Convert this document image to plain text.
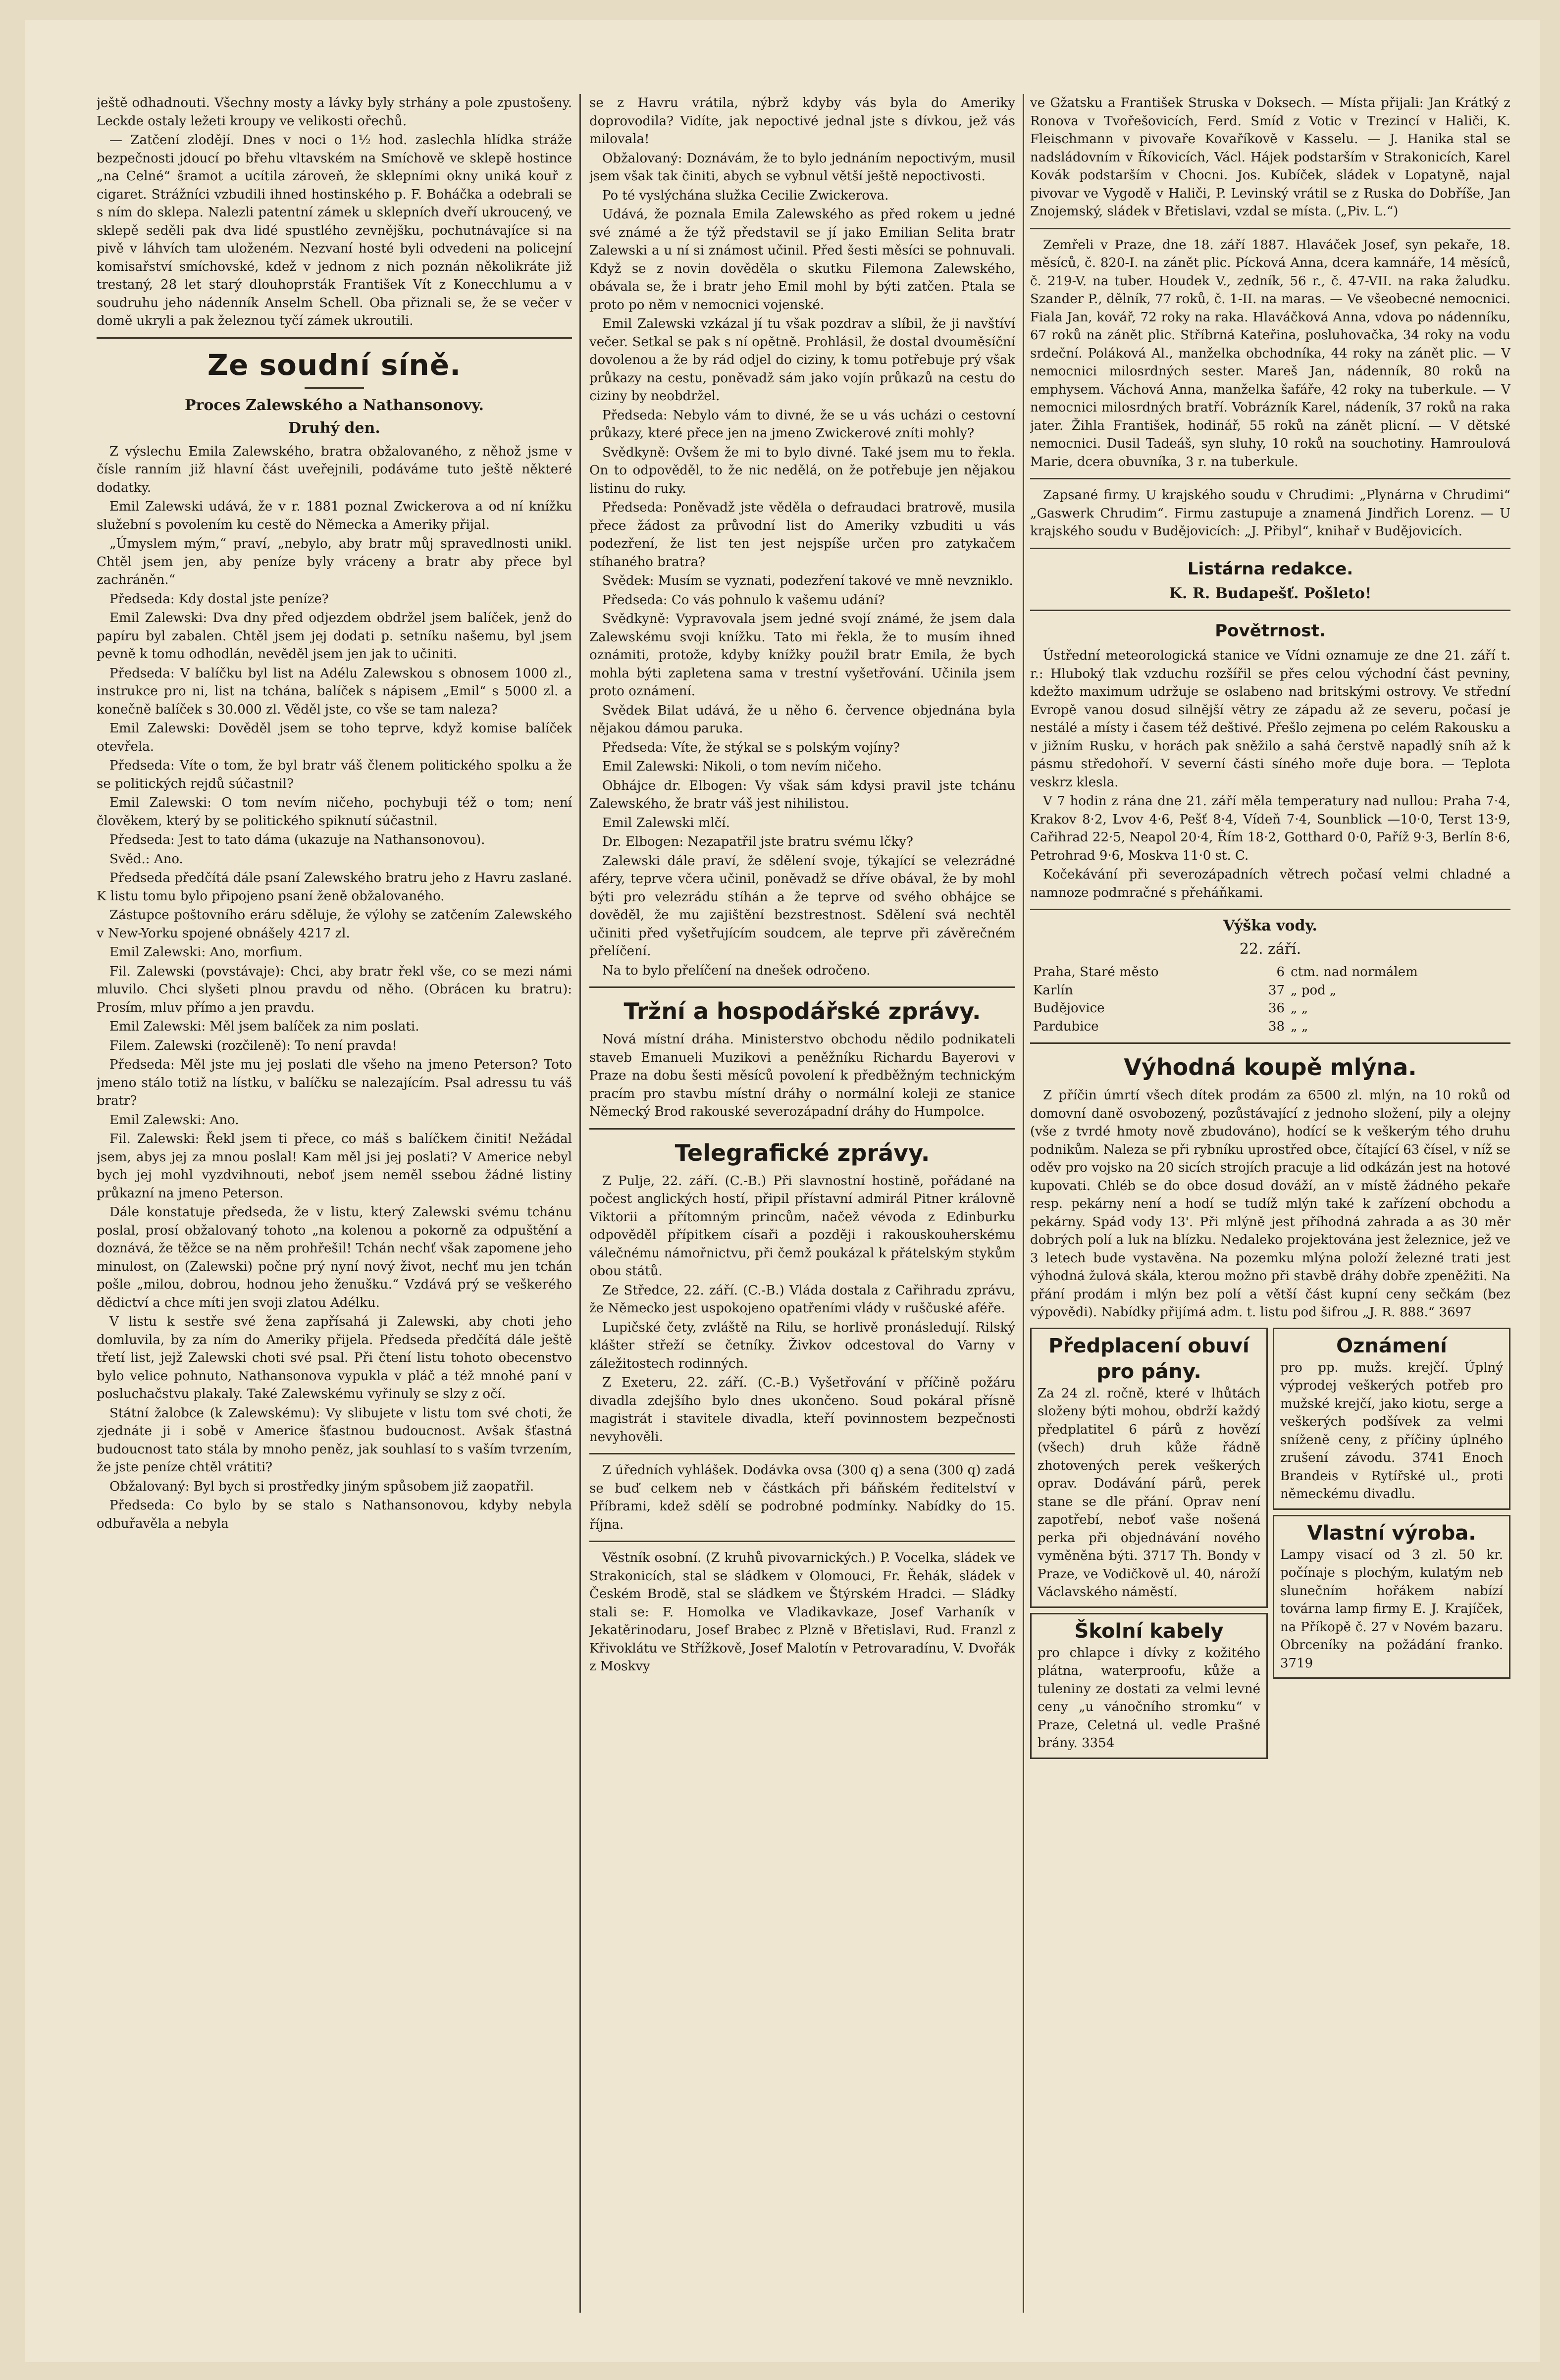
ještě odhadnouti. Všechny mosty a lávky byly strhány a pole zpustošeny. Leckde ostaly ležeti kroupy ve velikosti ořechů.

— Zatčení zlodějí. Dnes v noci o 1½ hod. zaslechla hlídka stráže bezpečnosti jdoucí po břehu vltavském na Smíchově ve sklepě hostince „na Celné“ šramot a ucítila zároveň, že sklepními okny uniká kouř z cigaret. Strážníci vzbudili ihned hostinského p. F. Boháčka a odebrali se s ním do sklepa. Nalezli patentní zámek u sklepních dveří ukroucený, ve sklepě seděli pak dva lidé spustlého zevnějšku, pochutnávajíce si na pivě v láhvích tam uloženém. Nezvaní hosté byli odvedeni na policejní komisařství smíchovské, kdež v jednom z nich poznán několikráte již trestaný, 28 let starý dlouhoprsták František Vít z Konecchlumu a v soudruhu jeho nádenník Anselm Schell. Oba přiznali se, že se večer v domě ukryli a pak železnou tyčí zámek ukroutili.

Ze soudní síně.
Proces Zalewského a Nathansonovy.
Druhý den.

Z výslechu Emila Zalewského, bratra obžalovaného, z něhož jsme v čísle ranním již hlavní část uveřejnili, podáváme tuto ještě některé dodatky.

Emil Zalewski udává, že v r. 1881 poznal Zwickerova a od ní knížku služební s povolením ku cestě do Německa a Ameriky přijal.

„Úmyslem mým,“ praví, „nebylo, aby bratr můj spravedlnosti unikl. Chtěl jsem jen, aby peníze byly vráceny a bratr aby přece byl zachráněn.“

Předseda: Kdy dostal jste peníze?

Emil Zalewski: Dva dny před odjezdem obdržel jsem balíček, jenž do papíru byl zabalen. Chtěl jsem jej dodati p. setníku našemu, byl jsem pevně k tomu odhodlán, nevěděl jsem jen jak to učiniti.

Předseda: V balíčku byl list na Adélu Zalewskou s obnosem 1000 zl., instrukce pro ni, list na tchána, balíček s nápisem „Emil“ s 5000 zl. a konečně balíček s 30.000 zl. Věděl jste, co vše se tam naleza?

Emil Zalewski: Dověděl jsem se toho teprve, když komise balíček otevřela.

Předseda: Víte o tom, že byl bratr váš členem politického spolku a že se politických rejdů súčastnil?

Emil Zalewski: O tom nevím ničeho, pochybuji též o tom; není člověkem, který by se politického spiknutí súčastnil.

Předseda: Jest to tato dáma (ukazuje na Nathansonovou).

Svěd.: Ano.

Předseda předčítá dále psaní Zalewského bratru jeho z Havru zaslané. K listu tomu bylo připojeno psaní ženě obžalovaného.

Zástupce poštovního eráru sděluje, že výlohy se zatčením Zalewského v New-Yorku spojené obnášely 4217 zl.

Emil Zalewski: Ano, morfium.

Fil. Zalewski (povstávaje): Chci, aby bratr řekl vše, co se mezi námi mluvilo. Chci slyšeti plnou pravdu od něho. (Obrácen ku bratru): Prosím, mluv přímo a jen pravdu.

Emil Zalewski: Měl jsem balíček za nim poslati.

Filem. Zalewski (rozčileně): To není pravda!

Předseda: Měl jste mu jej poslati dle všeho na jmeno Peterson? Toto jmeno stálo totiž na lístku, v balíčku se nalezajícím. Psal adressu tu váš bratr?

Emil Zalewski: Ano.

Fil. Zalewski: Řekl jsem ti přece, co máš s balíčkem činiti! Nežádal jsem, abys jej za mnou poslal! Kam měl jsi jej poslati? V Americe nebyl bych jej mohl vyzdvihnouti, neboť jsem neměl ssebou žádné listiny průkazní na jmeno Peterson.

Dále konstatuje předseda, že v listu, který Zalewski svému tchánu poslal, prosí obžalovaný tohoto „na kolenou a pokorně za odpuštění a doznává, že těžce se na něm prohřešil! Tchán nechť však zapomene jeho minulost, on (Zalewski) počne prý nyní nový život, nechť mu jen tchán pošle „milou, dobrou, hodnou jeho ženušku.“ Vzdává prý se veškerého dědictví a chce míti jen svoji zlatou Adélku.

V listu k sestře své žena zapřísahá ji Zalewski, aby choti jeho domluvila, by za ním do Ameriky přijela. Předseda předčítá dále ještě třetí list, jejž Zalewski choti své psal. Při čtení listu tohoto obecenstvo bylo velice pohnuto, Nathansonova vypukla v pláč a též mnohé paní v posluchačstvu plakaly. Také Zalewskému vyřinuly se slzy z očí.

Státní žalobce (k Zalewskému): Vy slibujete v listu tom své choti, že zjednáte ji i sobě v Americe šťastnou budoucnost. Avšak šťastná budoucnost tato stála by mnoho peněz, jak souhlasí to s vaším tvrzením, že jste peníze chtěl vrátiti?

Obžalovaný: Byl bych si prostředky jiným spůsobem již zaopatřil.

Předseda: Co bylo by se stalo s Nathansonovou, kdyby nebyla odbuřavěla a nebyla

se z Havru vrátila, nýbrž kdyby vás byla do Ameriky doprovodila? Vidíte, jak nepoctivé jednal jste s dívkou, jež vás milovala!

Obžalovaný: Doznávám, že to bylo jednáním nepoctivým, musil jsem však tak činiti, abych se vybnul větší ještě nepoctivosti.

Po té vyslýchána služka Cecilie Zwickerova.

Udává, že poznala Emila Zalewského as před rokem u jedné své známé a že týž představil se jí jako Emilian Selita bratr Zalewski a u ní si známost učinil. Před šesti měsíci se pohnuvali. Když se z novin dověděla o skutku Filemona Zalewského, obávala se, že i bratr jeho Emil mohl by býti zatčen. Ptala se proto po něm v nemocnici vojenské.

Emil Zalewski vzkázal jí tu však pozdrav a slíbil, že ji navštíví večer. Setkal se pak s ní opětně. Prohlásil, že dostal dvouměsíční dovolenou a že by rád odjel do ciziny, k tomu potřebuje prý však průkazy na cestu, poněvadž sám jako vojín průkazů na cestu do ciziny by neobdržel.

Předseda: Nebylo vám to divné, že se u vás ucházi o cestovní průkazy, které přece jen na jmeno Zwickerové zníti mohly?

Svědkyně: Ovšem že mi to bylo divné. Také jsem mu to řekla. On to odpověděl, to že nic nedělá, on že potřebuje jen nějakou listinu do ruky.

Předseda: Poněvadž jste věděla o defraudaci bratrově, musila přece žádost za průvodní list do Ameriky vzbuditi u vás podezření, že list ten jest nejspíše určen pro zatykačem stíhaného bratra?

Svědek: Musím se vyznati, podezření takové ve mně nevzniklo.

Předseda: Co vás pohnulo k vašemu udání?

Svědkyně: Vypravovala jsem jedné svojí známé, že jsem dala Zalewskému svoji knížku. Tato mi řekla, že to musím ihned oznámiti, protože, kdyby knížky použil bratr Emila, že bych mohla býti zapletena sama v trestní vyšetřování. Učinila jsem proto oznámení.

Svědek Bilat udává, že u něho 6. července objednána byla nějakou dámou paruka.

Předseda: Víte, že stýkal se s polským vojíny?

Emil Zalewski: Nikoli, o tom nevím ničeho.

Obhájce dr. Elbogen: Vy však sám kdysi pravil jste tchánu Zalewského, že bratr váš jest nihilistou.

Emil Zalewski mlčí.

Dr. Elbogen: Nezapatřil jste bratru svému lčky?

Zalewski dále praví, že sdělení svoje, týkající se velezrádné aféry, teprve včera učinil, poněvadž se dříve obával, že by mohl býti pro velezrádu stíhán a že teprve od svého obhájce se dověděl, že mu zajištění bezstrestnost. Sdělení svá nechtěl učiniti před vyšetřujícím soudcem, ale teprve při závěrečném přelíčení.

Na to bylo přelíčení na dnešek odročeno.

Tržní a hospodářské zprávy.

Nová místní dráha. Ministerstvo obchodu nědilo podnikateli staveb Emanueli Muzikovi a peněžníku Richardu Bayerovi v Praze na dobu šesti měsíců povolení k předběžným technickým pracím pro stavbu místní dráhy o normální koleji ze stanice Německý Brod rakouské severozápadní dráhy do Humpolce.

Telegrafické zprávy.

Z Pulje, 22. září. (C.-B.) Při slavnostní hostině, pořádané na počest anglických hostí, připil přístavní admirál Pitner královně Viktorii a přítomným princům, načež vévoda z Edinburku odpověděl přípitkem císaři a později i rakouskouherskému válečnému námořnictvu, při čemž poukázal k přátelským stykům obou států.

Ze Středce, 22. září. (C.-B.) Vláda dostala z Cařihradu zprávu, že Německo jest uspokojeno opatřeními vlády v ruščuské aféře.

Lupičské čety, zvláště na Rilu, se horlivě pronásledují. Rilský klášter střeží se četníky. Živkov odcestoval do Varny v záležitostech rodinných.

Z Exeteru, 22. září. (C.-B.) Vyšetřování v příčině požáru divadla zdejšího bylo dnes ukončeno. Soud pokáral přísně magistrát i stavitele divadla, kteří povinnostem bezpečnosti nevyhověli.

Z úředních vyhlášek. Dodávka ovsa (300 q) a sena (300 q) zadá se buď celkem neb v částkách při báňském ředitelství v Příbrami, kdež sdělí se podrobné podmínky. Nabídky do 15. října.

Věstník osobní. (Z kruhů pivovarnických.) P. Vocelka, sládek ve Strakonicích, stal se sládkem v Olomouci, Fr. Řehák, sládek v Českém Brodě, stal se sládkem ve Štýrském Hradci. — Sládky stali se: F. Homolka ve Vladikavkaze, Josef Varhaník v Jekatěrinodaru, Josef Brabec z Plzně v Břetislavi, Rud. Franzl z Křivoklátu ve Střížkově, Josef Malotín v Petrovaradínu, V. Dvořák z Moskvy

ve Gžatsku a František Struska v Doksech. — Místa přijali: Jan Krátký z Ronova v Tvořešovicích, Ferd. Smíd z Votic v Trezincí v Haliči, K. Fleischmann v pivovaře Kovaříkově v Kasselu. — J. Hanika stal se nadsládovním v Říkovicích, Václ. Hájek podstarším v Strakonicích, Karel Kovák podstarším v Chocni. Jos. Kubíček, sládek v Lopatyně, najal pivovar ve Vygodě v Haliči, P. Levinský vrátil se z Ruska do Dobříše, Jan Znojemský, sládek v Břetislavi, vzdal se místa. („Piv. L.“)

Zemřeli v Praze, dne 18. září 1887. Hlaváček Josef, syn pekaře, 18. měsíců, č. 820-I. na zánět plic. Pícková Anna, dcera kamnáře, 14 měsíců, č. 219-V. na tuber. Houdek V., zedník, 56 r., č. 47-VII. na raka žaludku. Szander P., dělník, 77 roků, č. 1-II. na maras. — Ve všeobecné nemocnici. Fiala Jan, kovář, 72 roky na raka. Hlaváčková Anna, vdova po nádenníku, 67 roků na zánět plic. Stříbrná Kateřina, posluhovačka, 34 roky na vodu srdeční. Poláková Al., manželka obchodníka, 44 roky na zánět plic. — V nemocnici milosrdných sester. Mareš Jan, nádenník, 80 roků na emphysem. Váchová Anna, manželka šafáře, 42 roky na tuberkule. — V nemocnici milosrdných bratří. Vobrázník Karel, nádeník, 37 roků na raka jater. Žihla František, hodinář, 55 roků na zánět plicní. — V dětské nemocnici. Dusil Tadeáš, syn sluhy, 10 roků na souchotiny. Hamroulová Marie, dcera obuvníka, 3 r. na tuberkule.

Zapsané firmy. U krajského soudu v Chrudimi: „Plynárna v Chrudimi“ „Gaswerk Chrudim“. Firmu zastupuje a znamená Jindřich Lorenz. — U krajského soudu v Budějovicích: „J. Přibyl“, knihař v Budějovicích.

Listárna redakce.
K. R. Budapešť. Pošleto!
Povětrnost.

Ústřední meteorologická stanice ve Vídni oznamuje ze dne 21. září t. r.: Hluboký tlak vzduchu rozšířil se přes celou východní část pevniny, kdežto maximum udržuje se oslabeno nad britskými ostrovy. Ve střední Evropě vanou dosud silnější větry ze západu až ze severu, počasí je nestálé a místy i časem též deštivé. Přešlo zejmena po celém Rakousku a v jižním Rusku, v horách pak sněžilo a sahá čerstvě napadlý sníh až k pásmu středohoří. V severní části síného moře duje bora. — Teplota veskrz klesla.

V 7 hodin z rána dne 21. září měla temperatury nad nullou: Praha 7·4, Krakov 8·2, Lvov 4·6, Pešť 8·4, Vídeň 7·4, Sounblick —10·0, Terst 13·9, Cařihrad 22·5, Neapol 20·4, Řím 18·2, Gotthard 0·0, Paříž 9·3, Berlín 8·6, Petrohrad 9·6, Moskva 11·0 st. C.

Kočekávání při severozápadních větrech počasí velmi chladné a namnoze podmračné s přeháňkami.

Výška vody.
22. září.
Praha, Staré město	6	ctm. nad normálem
Karlín	37	„ pod „
Budějovice	36	„ „
Pardubice	38	„ „
Výhodná koupě mlýna.

Z příčin úmrtí všech dítek prodám za 6500 zl. mlýn, na 10 roků od domovní daně osvobozený, pozůstávající z jednoho složení, pily a olejny (vše z tvrdé hmoty nově zbudováno), hodící se k veškerým tého druhu podnikům. Naleza se při rybníku uprostřed obce, čítající 63 čísel, v níž se oděv pro vojsko na 20 sicích strojích pracuje a lid odkázán jest na hotové kupovati. Chléb se do obce dosud dováží, an v místě žádného pekaře resp. pekárny není a hodí se tudíž mlýn také k zařízení obchodu a pekárny. Spád vody 13'. Při mlýně jest příhodná zahrada a as 30 měr dobrých polí a luk na blízku. Nedaleko projektována jest železnice, jež ve 3 letech bude vystavěna. Na pozemku mlýna položí železné trati jest výhodná žulová skála, kterou možno při stavbě dráhy dobře zpeněžiti. Na přání prodám i mlýn bez polí a větší část kupní ceny sečkám (bez výpovědi). Nabídky přijímá adm. t. listu pod šifrou „J. R. 888.“ 3697

Předplacení obuví pro pány.

Za 24 zl. ročně, které v lhůtách složeny býti mohou, obdrží každý předplatitel 6 párů z hovězí (všech) druh kůže řádně zhotovených perek veškerých oprav. Dodávání párů, perek stane se dle přání. Oprav není zapotřebí, neboť vaše nošená perka při objednávání nového vyměněna býti. 3717 Th. Bondy v Praze, ve Vodičkově ul. 40, nároží Václavského náměstí.

Školní kabely

pro chlapce i dívky z kožitého plátna, waterproofu, kůže a tuleniny ze dostati za velmi levné ceny „u vánočního stromku“ v Praze, Celetná ul. vedle Prašné brány. 3354

Oznámení

pro pp. mužs. krejčí. Úplný výprodej veškerých potřeb pro mužské krejčí, jako kiotu, serge a veškerých podšívek za velmi sníženě ceny, z příčiny úplného zrušení závodu. 3741 Enoch Brandeis v Rytířské ul., proti německému divadlu.

Vlastní výroba.

Lampy visací od 3 zl. 50 kr. počínaje s plochým, kulatým neb slunečním hořákem nabízí továrna lamp firmy E. J. Krajíček, na Příkopě č. 27 v Novém bazaru. Obrceníky na požádání franko. 3719
